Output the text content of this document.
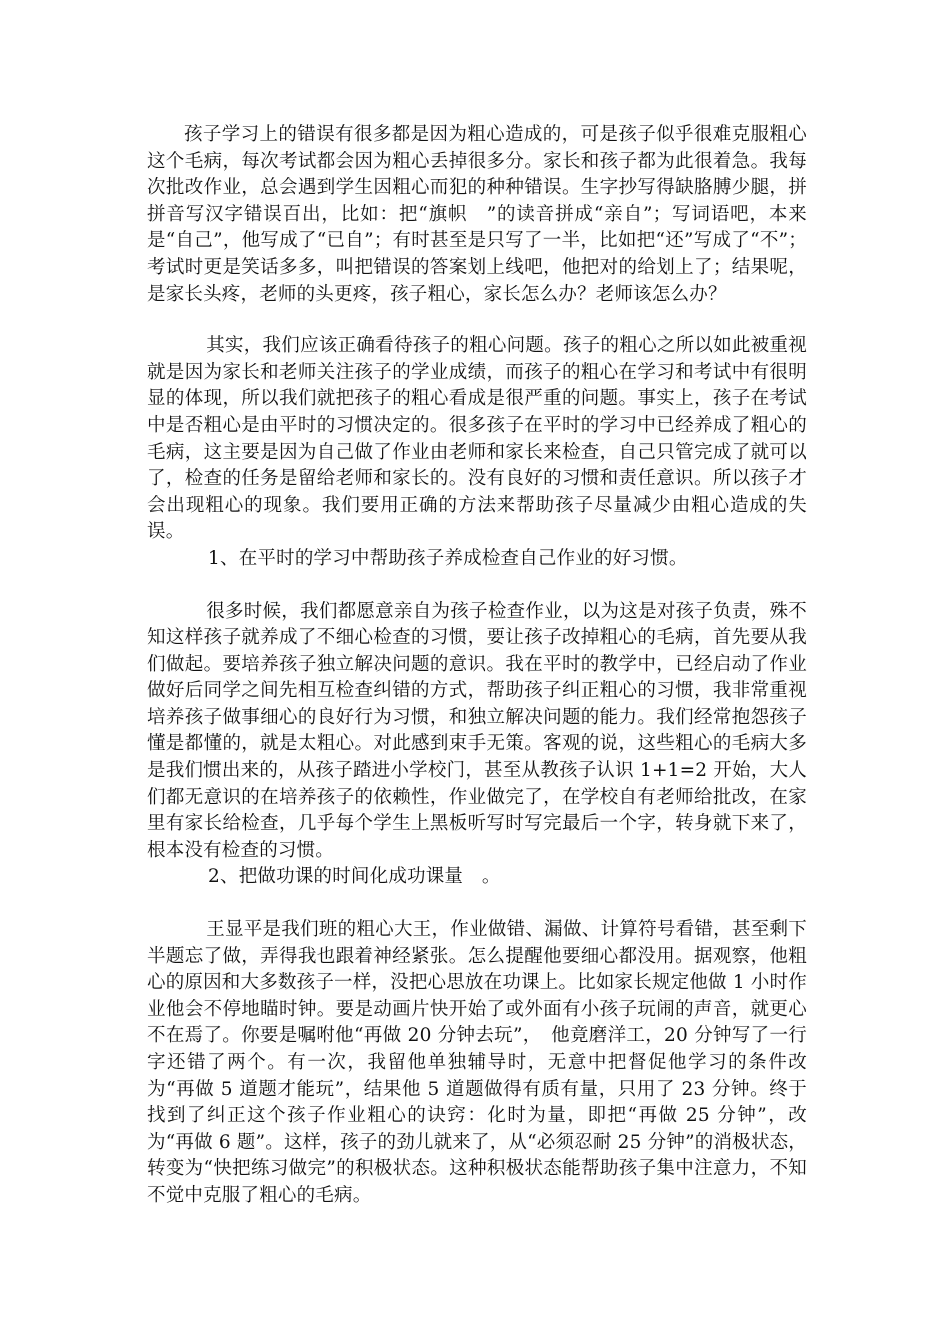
孩子学习上的错误有很多都是因为粗心造成的，可是孩子似乎很难克服粗心这个毛病，每次考试都会因为粗心丢掉很多分。家长和孩子都为此很着急。我每次批改作业，总会遇到学生因粗心而犯的种种错误。生字抄写得缺胳膊少腿，拼拼音写汉字错误百出，比如：把“旗帜　”的读音拼成“亲自”；写词语吧，本来是“自己”，他写成了“已自”；有时甚至是只写了一半，比如把“还”写成了“不”；考试时更是笑话多多，叫把错误的答案划上线吧，他把对的给划上了；结果呢，是家长头疼，老师的头更疼，孩子粗心，家长怎么办？老师该怎么办？

其实，我们应该正确看待孩子的粗心问题。孩子的粗心之所以如此被重视就是因为家长和老师关注孩子的学业成绩，而孩子的粗心在学习和考试中有很明显的体现，所以我们就把孩子的粗心看成是很严重的问题。事实上，孩子在考试中是否粗心是由平时的习惯决定的。很多孩子在平时的学习中已经养成了粗心的毛病，这主要是因为自己做了作业由老师和家长来检查，自己只管完成了就可以了，检查的任务是留给老师和家长的。没有良好的习惯和责任意识。所以孩子才会出现粗心的现象。我们要用正确的方法来帮助孩子尽量减少由粗心造成的失误。

1、在平时的学习中帮助孩子养成检查自己作业的好习惯。

很多时候，我们都愿意亲自为孩子检查作业，以为这是对孩子负责，殊不知这样孩子就养成了不细心检查的习惯，要让孩子改掉粗心的毛病，首先要从我们做起。要培养孩子独立解决问题的意识。我在平时的教学中，已经启动了作业做好后同学之间先相互检查纠错的方式，帮助孩子纠正粗心的习惯，我非常重视培养孩子做事细心的良好行为习惯，和独立解决问题的能力。我们经常抱怨孩子懂是都懂的，就是太粗心。对此感到束手无策。客观的说，这些粗心的毛病大多是我们惯出来的，从孩子踏进小学校门，甚至从教孩子认识 1+1=2 开始，大人们都无意识的在培养孩子的依赖性，作业做完了，在学校自有老师给批改，在家里有家长给检查，几乎每个学生上黑板听写时写完最后一个字，转身就下来了，根本没有检查的习惯。

2、把做功课的时间化成功课量　。

王显平是我们班的粗心大王，作业做错、漏做、计算符号看错，甚至剩下半题忘了做，弄得我也跟着神经紧张。怎么提醒他要细心都没用。据观察，他粗心的原因和大多数孩子一样，没把心思放在功课上。比如家长规定他做 1 小时作业他会不停地瞄时钟。要是动画片快开始了或外面有小孩子玩闹的声音，就更心不在焉了。你要是嘱咐他“再做 20 分钟去玩”，　他竟磨洋工，20 分钟写了一行字还错了两个。有一次，我留他单独辅导时，无意中把督促他学习的条件改为“再做 5 道题才能玩”，结果他 5 道题做得有质有量，只用了 23 分钟。终于找到了纠正这个孩子作业粗心的诀窍：化时为量，即把“再做 25 分钟”，改为“再做 6 题”。这样，孩子的劲儿就来了，从“必须忍耐 25 分钟”的消极状态，转变为“快把练习做完”的积极状态。这种积极状态能帮助孩子集中注意力，不知不觉中克服了粗心的毛病。
